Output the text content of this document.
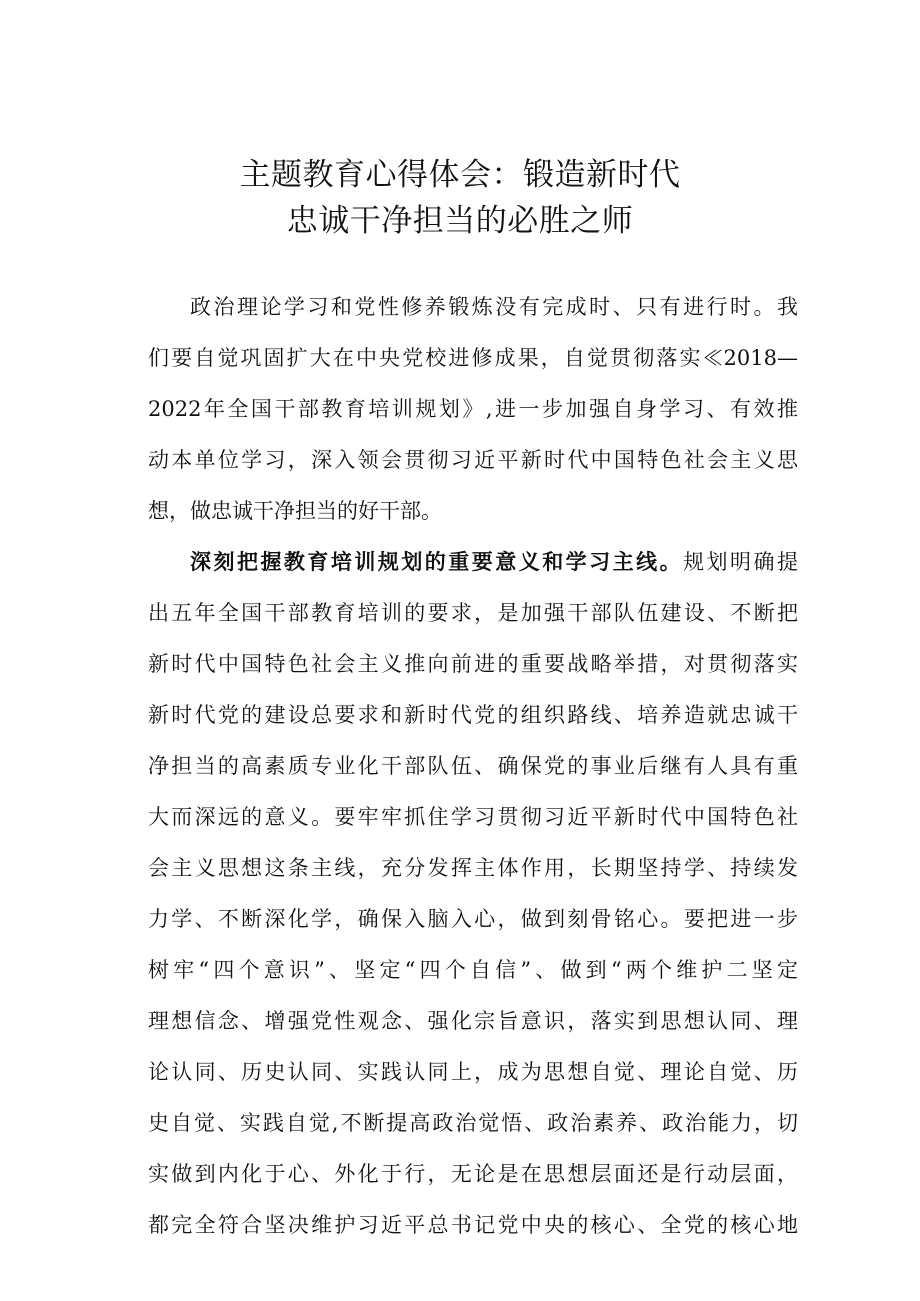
主题教育心得体会：锻造新时代
忠诚干净担当的必胜之师
政治理论学习和党性修养锻炼没有完成时、只有进行时。我
们要自觉巩固扩大在中央党校进修成果，自觉贯彻落实≪2018—
2022年全国干部教育培训规划》,进一步加强自身学习、有效推
动本单位学习，深入领会贯彻习近平新时代中国特色社会主义思
想，做忠诚干净担当的好干部。
深刻把握教育培训规划的重要意义和学习主线。规划明确提
出五年全国干部教育培训的要求，是加强干部队伍建设、不断把
新时代中国特色社会主义推向前进的重要战略举措，对贯彻落实
新时代党的建设总要求和新时代党的组织路线、培养造就忠诚干
净担当的高素质专业化干部队伍、确保党的事业后继有人具有重
大而深远的意义。要牢牢抓住学习贯彻习近平新时代中国特色社
会主义思想这条主线，充分发挥主体作用，长期坚持学、持续发
力学、不断深化学，确保入脑入心，做到刻骨铭心。要把进一步
树牢“四个意识”、坚定“四个自信”、做到“两个维护二坚定
理想信念、增强党性观念、强化宗旨意识，落实到思想认同、理
论认同、历史认同、实践认同上，成为思想自觉、理论自觉、历
史自觉、实践自觉,不断提高政治觉悟、政治素养、政治能力，切
实做到内化于心、外化于行，无论是在思想层面还是行动层面，
都完全符合坚决维护习近平总书记党中央的核心、全党的核心地
